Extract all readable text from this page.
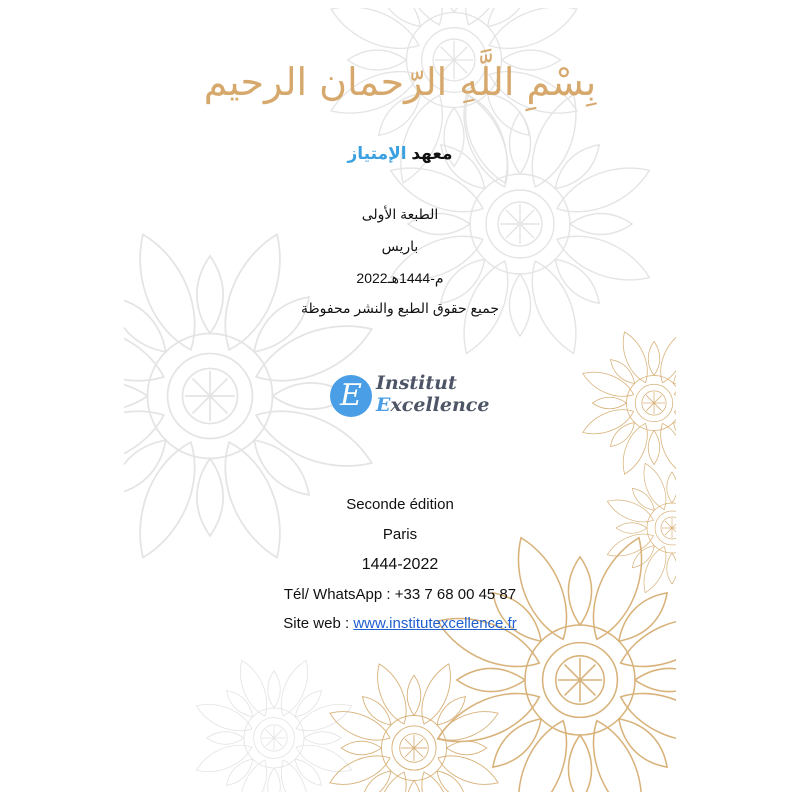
بِسْمِ اللَّهِ الرّحمان الرحيم
معهد الإمتياز
الطبعة الأولى
باريس
2022م-1444هـ
جميع حقوق الطبع والنشر محفوظة
E Institut
Excellence
Seconde édition
Paris
1444-2022
Tél/ WhatsApp : +33 7 68 00 45 87
Site web : www.institutexcellence.fr
